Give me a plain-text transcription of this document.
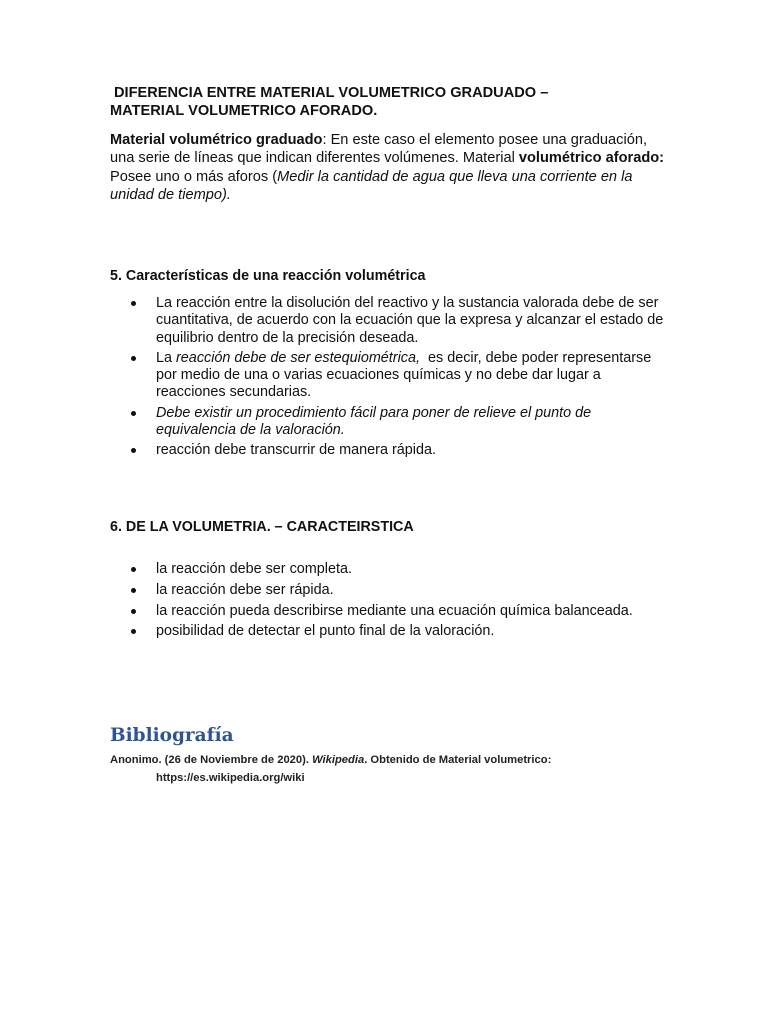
DIFERENCIA ENTRE MATERIAL VOLUMETRICO GRADUADO –
MATERIAL VOLUMETRICO AFORADO.

Material volumétrico graduado: En este caso el elemento posee una graduación, una serie de líneas que indican diferentes volúmenes. Material volumétrico aforado: Posee uno o más aforos (Medir la cantidad de agua que lleva una corriente en la unidad de tiempo).

5. Características de una reacción volumétrica
La reacción entre la disolución del reactivo y la sustancia valorada debe de ser cuantitativa, de acuerdo con la ecuación que la expresa y alcanzar el estado de equilibrio dentro de la precisión deseada.
La reacción debe de ser estequiométrica,  es decir, debe poder representarse por medio de una o varias ecuaciones químicas y no debe dar lugar a reacciones secundarias.
Debe existir un procedimiento fácil para poner de relieve el punto de equivalencia de la valoración.
reacción debe transcurrir de manera rápida.
6. DE LA VOLUMETRIA. – CARACTEIRSTICA
la reacción debe ser completa.
la reacción debe ser rápida.
la reacción pueda describirse mediante una ecuación química balanceada.
posibilidad de detectar el punto final de la valoración.
Bibliografía

Anonimo. (26 de Noviembre de 2020). Wikipedia. Obtenido de Material volumetrico:
https://es.wikipedia.org/wiki
